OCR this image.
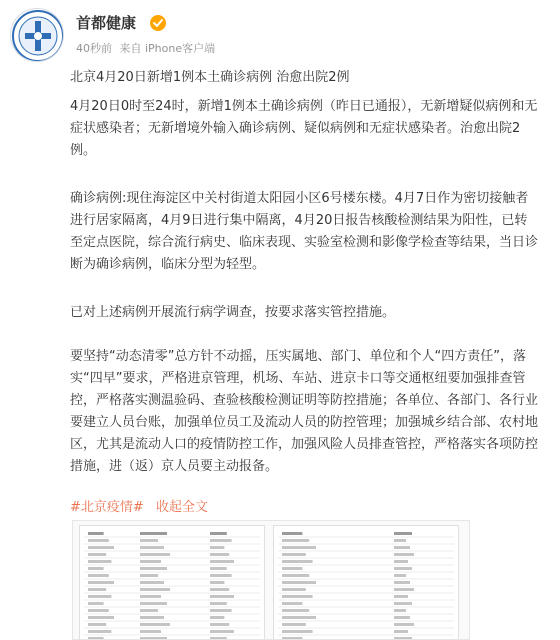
首都健康
40秒前 来自 iPhone客户端
北京4月20日新增1例本土确诊病例 治愈出院2例
4月20日0时至24时，新增1例本土确诊病例（昨日已通报），无新增疑似病例和无症状感染者；无新增境外输入确诊病例、疑似病例和无症状感染者。治愈出院2例。
确诊病例:现住海淀区中关村街道太阳园小区6号楼东楼。4月7日作为密切接触者进行居家隔离，4月9日进行集中隔离，4月20日报告核酸检测结果为阳性，已转至定点医院，综合流行病史、临床表现、实验室检测和影像学检查等结果，当日诊断为确诊病例，临床分型为轻型。
已对上述病例开展流行病学调查，按要求落实管控措施。
要坚持“动态清零”总方针不动摇，压实属地、部门、单位和个人“四方责任”，落实“四早”要求，严格进京管理，机场、车站、进京卡口等交通枢纽要加强排查管控，严格落实测温验码、查验核酸检测证明等防控措施；各单位、各部门、各行业要建立人员台账，加强单位员工及流动人员的防控管理；加强城乡结合部、农村地区，尤其是流动人口的疫情防控工作，加强风险人员排查管控，严格落实各项防控措施，进（返）京人员要主动报备。
#北京疫情# 收起全文
